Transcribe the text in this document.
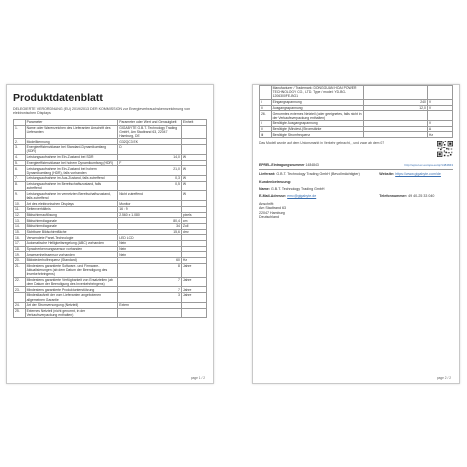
Produktdatenblatt
DELEGIERTE VERORDNUNG (EU) 2019/2013 DER KOMMISSION zur Energieverbrauchskennzeichnung von elektronischen Displays
	Parameter	Parameter oder Wert und Genauigkeit	Einheit
1.	Name oder Warenzeichen des Lieferanten Anschrift des Lieferanten	GIGABYTE G.B.T. Technology Trading GmbH, Am Stadtrand 63, 22047 Hamburg, DE	
2.	Modellkennung	G32QC3 EK	
3.	Energieeffizienzklasse bei Standard-Dynamikumfang (SDR)	D	
4.	Leistungsaufnahme im Ein-Zustand bei SDR	14,0	W
5.	Energieeffizienzklasse bei hohem Dynamikumfang (HDR)	F	
6.	Leistungsaufnahme im Ein-Zustand bei hohem Dynamikumfang (HDR), falls vorhanden	21,0	W
7.	Leistungsaufnahme im Aus-Zustand, falls zutreffend	0,3	W
8.	Leistungsaufnahme im Bereitschaftszustand, falls zutreffend	0,5	W
9.	Leistungsaufnahme im vernetzten Bereitschaftszustand, falls zutreffend	Nicht zutreffend	W
10.	Art des elektronischen Displays	Monitor	
11.	Seitenverhältnis	16 : 9	
12.	Bildschirmauflösung	2.560 x 1.080	pixels
13.	Bildschirmdiagonale	80,4	cm
14.	Bildschirmdiagonale	34	Zoll
15.	Sichtbare Bildschirmfläche	15,6	dm²
16.	Verwendete Panel-Technologie	LED LCD	
17.	Automatische Helligkeitsregelung (ABC) vorhanden	Nein	
18.	Spracherkennungssensor vorhanden	Nein	
19.	Anwesenheitssensor vorhanden	Nein	
20.	Bildwiederholfrequenz (Standard)	60	Hz
21.	Mindestens garantierte Software- und Firmware-Aktualisierungen (ab dem Datum der Beendigung des Inverkehrbringens)	8	Jahre
22.	Mindestens garantierte Verfügbarkeit von Ersatzteilen (ab dem Datum der Beendigung des Inverkehrbringens)	7	Jahre
23.	Mindestens garantierte Produktunterstützung	7	Jahre
	Mindestlaufzeit der vom Lieferanten angebotenen allgemeinen Garantie	3	Jahre
24.	Art der Stromversorgung (Netzteil)	Extern	
25.	Externes Netzteil (nicht genormt, in der Verkaufsverpackung enthalten)		
page 1 / 2
	Manufacturer / Trademark: DONGGUAN HOAI POWER TECHNOLOGY CO., LTD. Type / model: YD-BG-1206300FE-BG1		
i	Eingangsspannung	240	V
ii	Ausgangsspannung	12,0	V
26.	Genormtes externes Netzteil (oder geeignetes, falls nicht in der Verkaufsverpackung enthalten)		
i	Benötigte Ausgangsspannung		V
ii	Benötigte (Mindest-)Stromstärke		A
iii	Benötigte Stromfrequenz		Hz
Das Modell wurde auf dem Unionsmarkt in Verkehr gebracht, , und zwar ab dem 07
EPREL-Eintragungsnummer 1484843	http://eprel.ec.europa.eu/qr/1484843
Lieferant: G.B.T. Technology Trading GmbH (Bevollmächtigter)	Website: https://www.gigabyte.com/de
Kundenbetreuung:
Name: G.B.T. Technology Trading GmbH
E-Mail-Adresse: emc@gigabyte.de	Telefonnummer: 49 40-25 33 040
Anschrift:
Am Stadtrand 63
22047 Hamburg
Deutschland
page 2 / 2
